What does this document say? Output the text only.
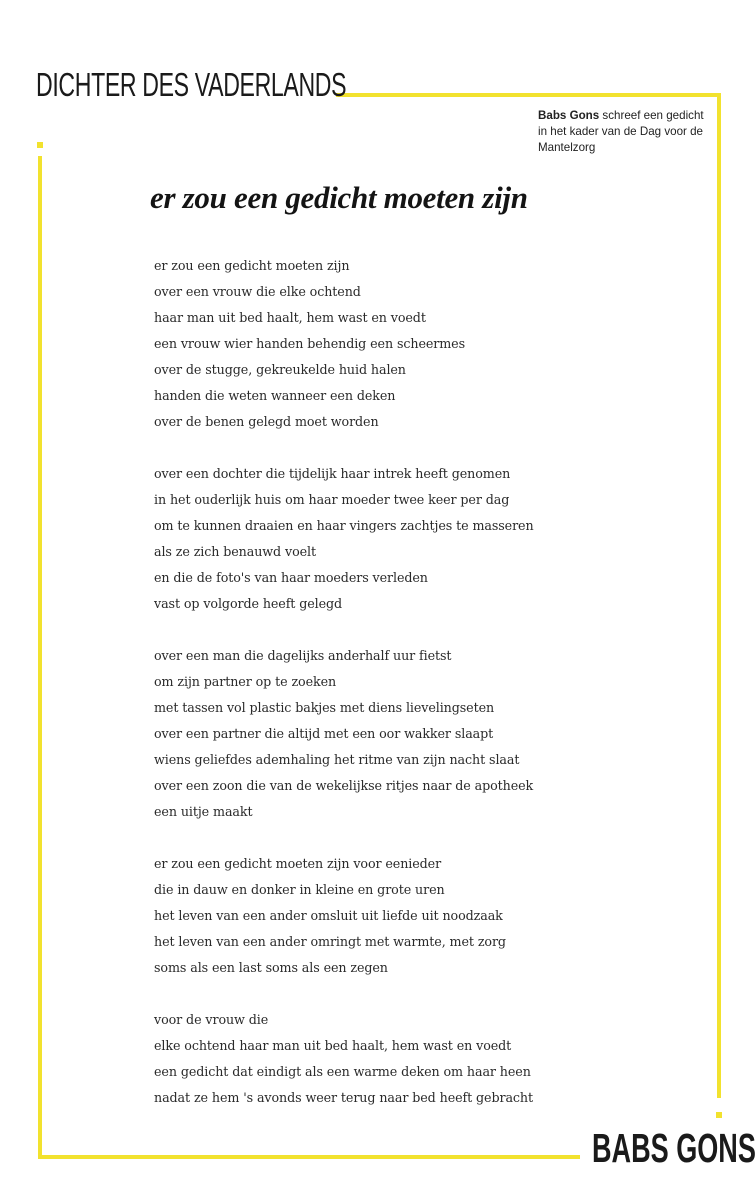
DICHTER DES VADERLANDS
Babs Gons schreef een gedicht in het kader van de Dag voor de Mantelzorg
er zou een gedicht moeten zijn
er zou een gedicht moeten zijn
over een vrouw die elke ochtend
haar man uit bed haalt, hem wast en voedt
een vrouw wier handen behendig een scheermes
over de stugge, gekreukelde huid halen
handen die weten wanneer een deken
over de benen gelegd moet worden
over een dochter die tijdelijk haar intrek heeft genomen
in het ouderlijk huis om haar moeder twee keer per dag
om te kunnen draaien en haar vingers zachtjes te masseren
als ze zich benauwd voelt
en die de foto's van haar moeders verleden
vast op volgorde heeft gelegd
over een man die dagelijks anderhalf uur fietst
om zijn partner op te zoeken
met tassen vol plastic bakjes met diens lievelingseten
over een partner die altijd met een oor wakker slaapt
wiens geliefdes ademhaling het ritme van zijn nacht slaat
over een zoon die van de wekelijkse ritjes naar de apotheek
een uitje maakt
er zou een gedicht moeten zijn voor eenieder
die in dauw en donker in kleine en grote uren
het leven van een ander omsluit uit liefde uit noodzaak
het leven van een ander omringt met warmte, met zorg
soms als een last soms als een zegen
voor de vrouw die
elke ochtend haar man uit bed haalt, hem wast en voedt
een gedicht dat eindigt als een warme deken om haar heen
nadat ze hem 's avonds weer terug naar bed heeft gebracht
BABS GONS
